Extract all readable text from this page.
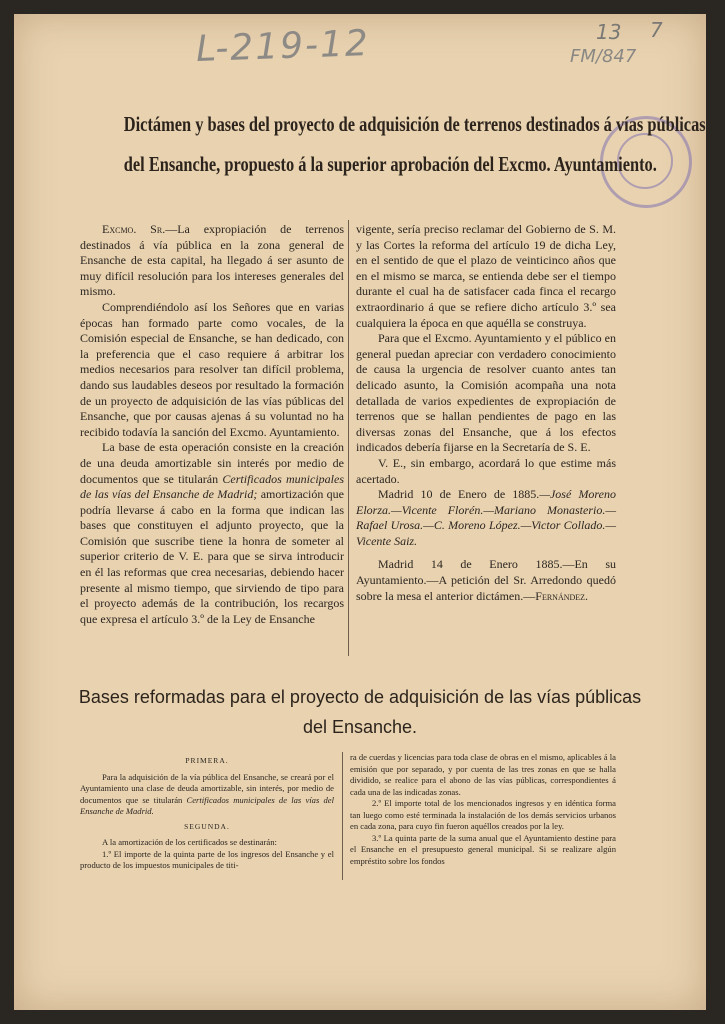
L-219-12	13 7
FM/847
Dictámen y bases del proyecto de adquisición de terrenos destinados á vías públicas
del Ensanche, propuesto á la superior aprobación del Excmo. Ayuntamiento.

Excmo. Sr.—La expropiación de terrenos destinados á vía pública en la zona general de Ensanche de esta capital, ha llegado á ser asunto de muy difícil resolución para los intereses generales del mismo.

Comprendiéndolo así los Señores que en varias épocas han formado parte como vocales, de la Comisión especial de Ensanche, se han dedicado, con la preferencia que el caso requiere á arbitrar los medios necesarios para resolver tan difícil problema, dando sus laudables deseos por resultado la formación de un proyecto de adquisición de las vías públicas del Ensanche, que por causas ajenas á su voluntad no ha recibido todavía la sanción del Excmo. Ayuntamiento.

La base de esta operación consiste en la creación de una deuda amortizable sin interés por medio de documentos que se titularán Certificados municipales de las vías del Ensanche de Madrid; amortización que podría llevarse á cabo en la forma que indican las bases que constituyen el adjunto proyecto, que la Comisión que suscribe tiene la honra de someter al superior criterio de V. E. para que se sirva introducir en él las reformas que crea necesarias, debiendo hacer presente al mismo tiempo, que sirviendo de tipo para el proyecto además de la contribución, los recargos que expresa el artículo 3.º de la Ley de Ensanche

vigente, sería preciso reclamar del Gobierno de S. M. y las Cortes la reforma del artículo 19 de dicha Ley, en el sentido de que el plazo de veinticinco años que en el mismo se marca, se entienda debe ser el tiempo durante el cual ha de satisfacer cada finca el recargo extraordinario á que se refiere dicho artículo 3.º sea cualquiera la época en que aquélla se construya.

Para que el Excmo. Ayuntamiento y el público en general puedan apreciar con verdadero conocimiento de causa la urgencia de resolver cuanto antes tan delicado asunto, la Comisión acompaña una nota detallada de varios expedientes de expropiación de terrenos que se hallan pendientes de pago en las diversas zonas del Ensanche, que á los efectos indicados debería fijarse en la Secretaría de S. E.

V. E., sin embargo, acordará lo que estime más acertado.

Madrid 10 de Enero de 1885.—José Moreno Elorza.—Vicente Florén.—Mariano Monasterio.—Rafael Urosa.—C. Moreno López.—Victor Collado.—Vicente Saiz.

Madrid 14 de Enero 1885.—En su Ayuntamiento.—A petición del Sr. Arredondo quedó sobre la mesa el anterior dictámen.—Fernández.

Bases reformadas para el proyecto de adquisición de las vías públicas
del Ensanche.

PRIMERA.

Para la adquisición de la vía pública del Ensanche, se creará por el Ayuntamiento una clase de deuda amortizable, sin interés, por medio de documentos que se titularán Certificados municipales de las vías del Ensanche de Madrid.

SEGUNDA.

A la amortización de los certificados se destinarán:

1.º El importe de la quinta parte de los ingresos del Ensanche y el producto de los impuestos municipales de titi-

ra de cuerdas y licencias para toda clase de obras en el mismo, aplicables á la emisión que por separado, y por cuenta de las tres zonas en que se halla dividido, se realice para el abono de las vías públicas, correspondientes á cada una de las indicadas zonas.

2.º El importe total de los mencionados ingresos y en idéntica forma tan luego como esté terminada la instalación de los demás servicios urbanos en cada zona, para cuyo fin fueron aquéllos creados por la ley.

3.º La quinta parte de la suma anual que el Ayuntamiento destine para el Ensanche en el presupuesto general municipal. Si se realizare algún empréstito sobre los fondos
